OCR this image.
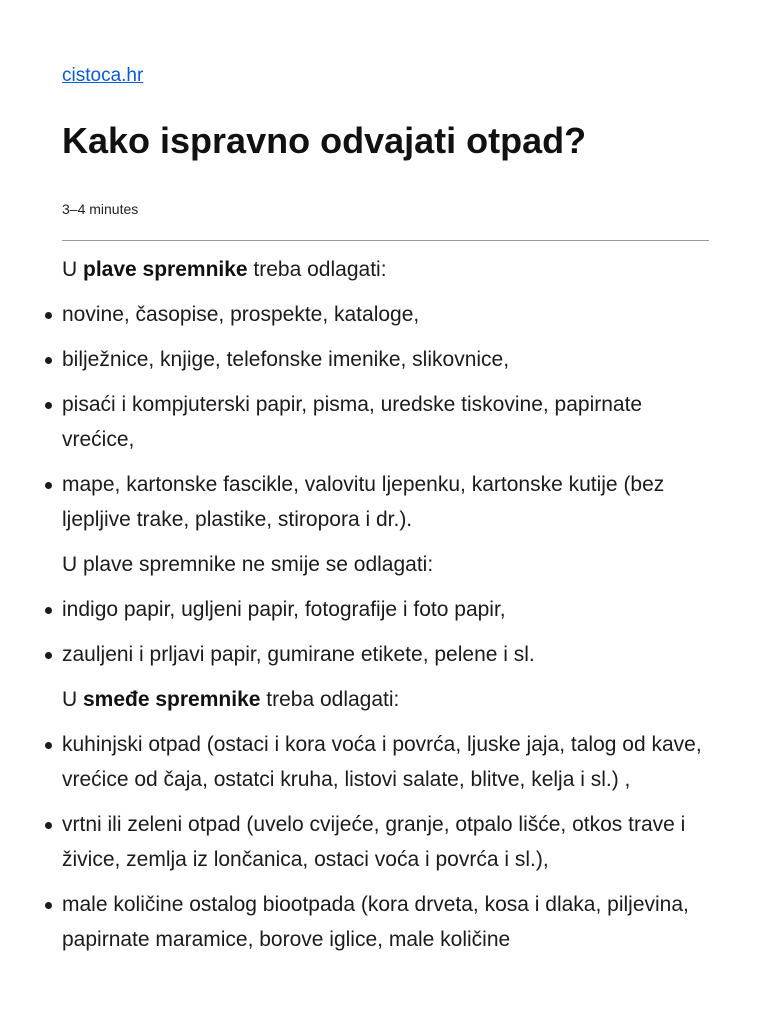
cistoca.hr
Kako ispravno odvajati otpad?
3–4 minutes

U plave spremnike treba odlagati:

novine, časopise, prospekte, kataloge,
bilježnice, knjige, telefonske imenike, slikovnice,
pisaći i kompjuterski papir, pisma, uredske tiskovine, papirnate vrećice,
mape, kartonske fascikle, valovitu ljepenku, kartonske kutije (bez ljepljive trake, plastike, stiropora i dr.).

U plave spremnike ne smije se odlagati:

indigo papir, ugljeni papir, fotografije i foto papir,
zauljeni i prljavi papir, gumirane etikete, pelene i sl.

U smeđe spremnike treba odlagati:

kuhinjski otpad (ostaci i kora voća i povrća, ljuske jaja, talog od kave, vrećice od čaja, ostatci kruha, listovi salate, blitve, kelja i sl.) ,
vrtni ili zeleni otpad (uvelo cvijeće, granje, otpalo lišće, otkos trave i živice, zemlja iz lončanica, ostaci voća i povrća i sl.),
male količine ostalog biootpada (kora drveta, kosa i dlaka, piljevina, papirnate maramice, borove iglice, male količine
